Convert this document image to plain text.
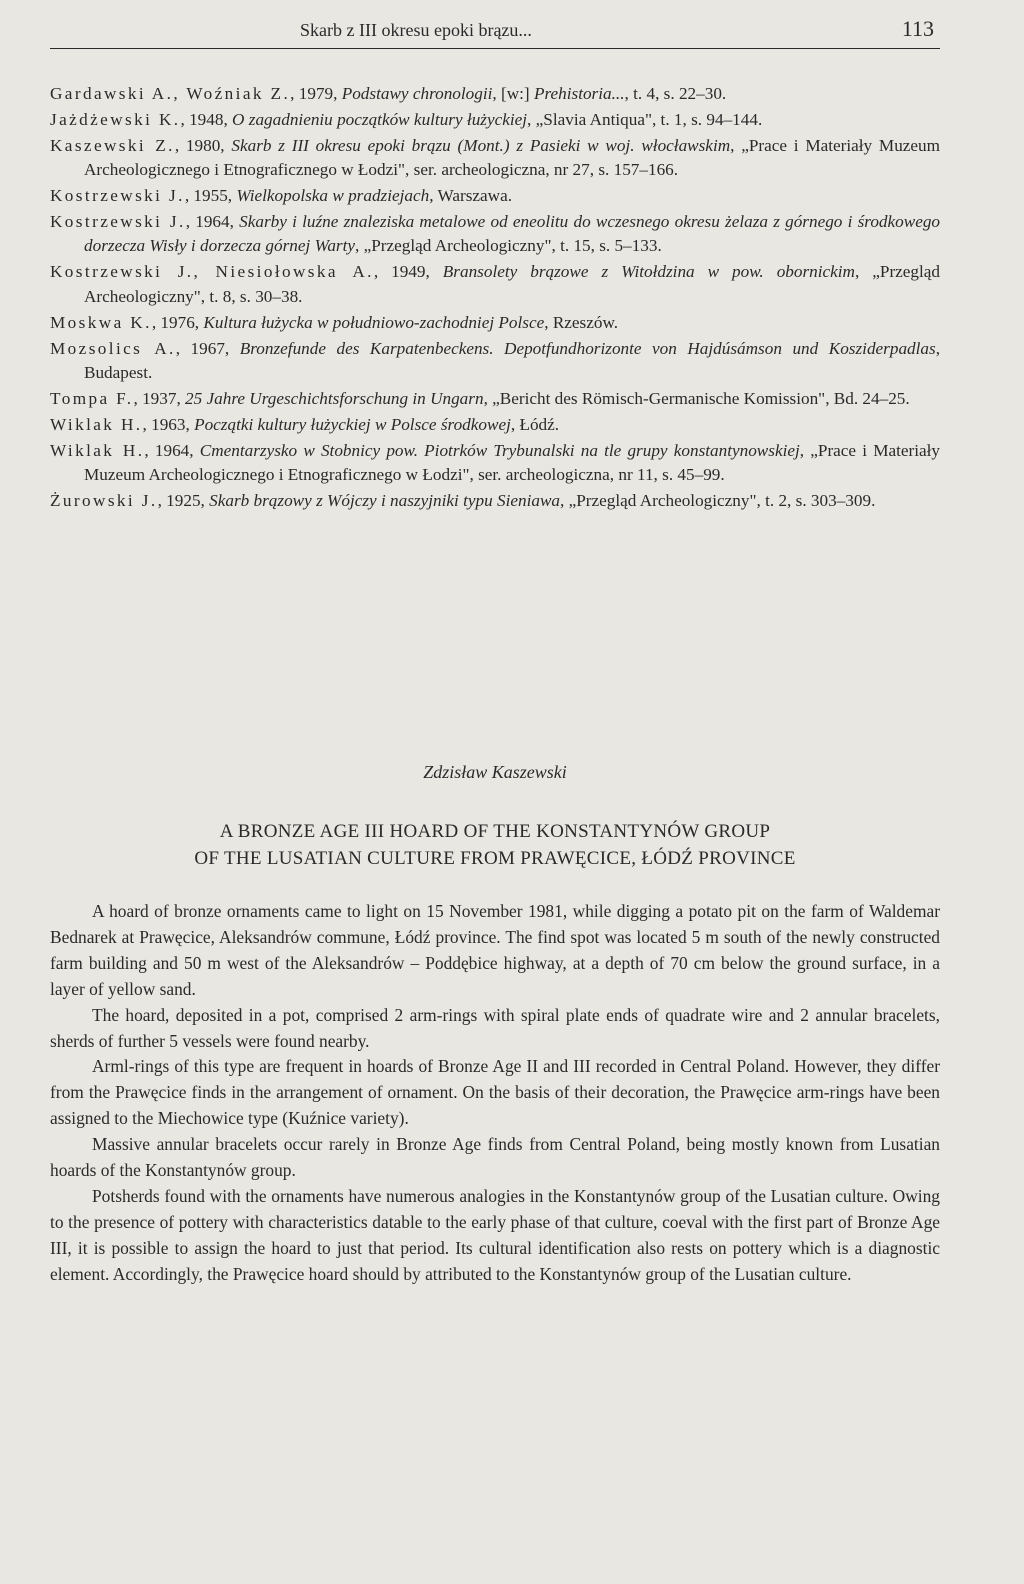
Skarb z III okresu epoki brązu...	113

Gardawski A., Woźniak Z., 1979, Podstawy chronologii, [w:] Prehistoria..., t. 4, s. 22–30.

Jażdżewski K., 1948, O zagadnieniu początków kultury łużyckiej, „Slavia Antiqua", t. 1, s. 94–144.

Kaszewski Z., 1980, Skarb z III okresu epoki brązu (Mont.) z Pasieki w woj. włocławskim, „Prace i Materiały Muzeum Archeologicznego i Etnograficznego w Łodzi", ser. archeologiczna, nr 27, s. 157–166.

Kostrzewski J., 1955, Wielkopolska w pradziejach, Warszawa.

Kostrzewski J., 1964, Skarby i luźne znaleziska metalowe od eneolitu do wczesnego okresu żelaza z górnego i środkowego dorzecza Wisły i dorzecza górnej Warty, „Przegląd Archeologiczny", t. 15, s. 5–133.

Kostrzewski J., Niesiołowska A., 1949, Bransolety brązowe z Witołdzina w pow. obornickim, „Przegląd Archeologiczny", t. 8, s. 30–38.

Moskwa K., 1976, Kultura łużycka w południowo-zachodniej Polsce, Rzeszów.

Mozsolics A., 1967, Bronzefunde des Karpatenbeckens. Depotfundhorizonte von Hajdúsámson und Kosziderpadlas, Budapest.

Tompa F., 1937, 25 Jahre Urgeschichtsforschung in Ungarn, „Bericht des Römisch-Germanische Komission", Bd. 24–25.

Wiklak H., 1963, Początki kultury łużyckiej w Polsce środkowej, Łódź.

Wiklak H., 1964, Cmentarzysko w Stobnicy pow. Piotrków Trybunalski na tle grupy konstantynowskiej, „Prace i Materiały Muzeum Archeologicznego i Etnograficznego w Łodzi", ser. archeologiczna, nr 11, s. 45–99.

Żurowski J., 1925, Skarb brązowy z Wójczy i naszyjniki typu Sieniawa, „Przegląd Archeologiczny", t. 2, s. 303–309.

Zdzisław Kaszewski
A BRONZE AGE III HOARD OF THE KONSTANTYNÓW GROUP
OF THE LUSATIAN CULTURE FROM PRAWĘCICE, ŁÓDŹ PROVINCE

A hoard of bronze ornaments came to light on 15 November 1981, while digging a potato pit on the farm of Waldemar Bednarek at Prawęcice, Aleksandrów commune, Łódź province. The find spot was located 5 m south of the newly constructed farm building and 50 m west of the Aleksandrów – Poddębice highway, at a depth of 70 cm below the ground surface, in a layer of yellow sand.

The hoard, deposited in a pot, comprised 2 arm-rings with spiral plate ends of quadrate wire and 2 annular bracelets, sherds of further 5 vessels were found nearby.

Arml-rings of this type are frequent in hoards of Bronze Age II and III recorded in Central Poland. However, they differ from the Prawęcice finds in the arrangement of ornament. On the basis of their decoration, the Prawęcice arm-rings have been assigned to the Miechowice type (Kuźnice variety).

Massive annular bracelets occur rarely in Bronze Age finds from Central Poland, being mostly known from Lusatian hoards of the Konstantynów group.

Potsherds found with the ornaments have numerous analogies in the Konstantynów group of the Lusatian culture. Owing to the presence of pottery with characteristics datable to the early phase of that culture, coeval with the first part of Bronze Age III, it is possible to assign the hoard to just that period. Its cultural identification also rests on pottery which is a diagnostic element. Accordingly, the Prawęcice hoard should by attributed to the Konstantynów group of the Lusatian culture.
